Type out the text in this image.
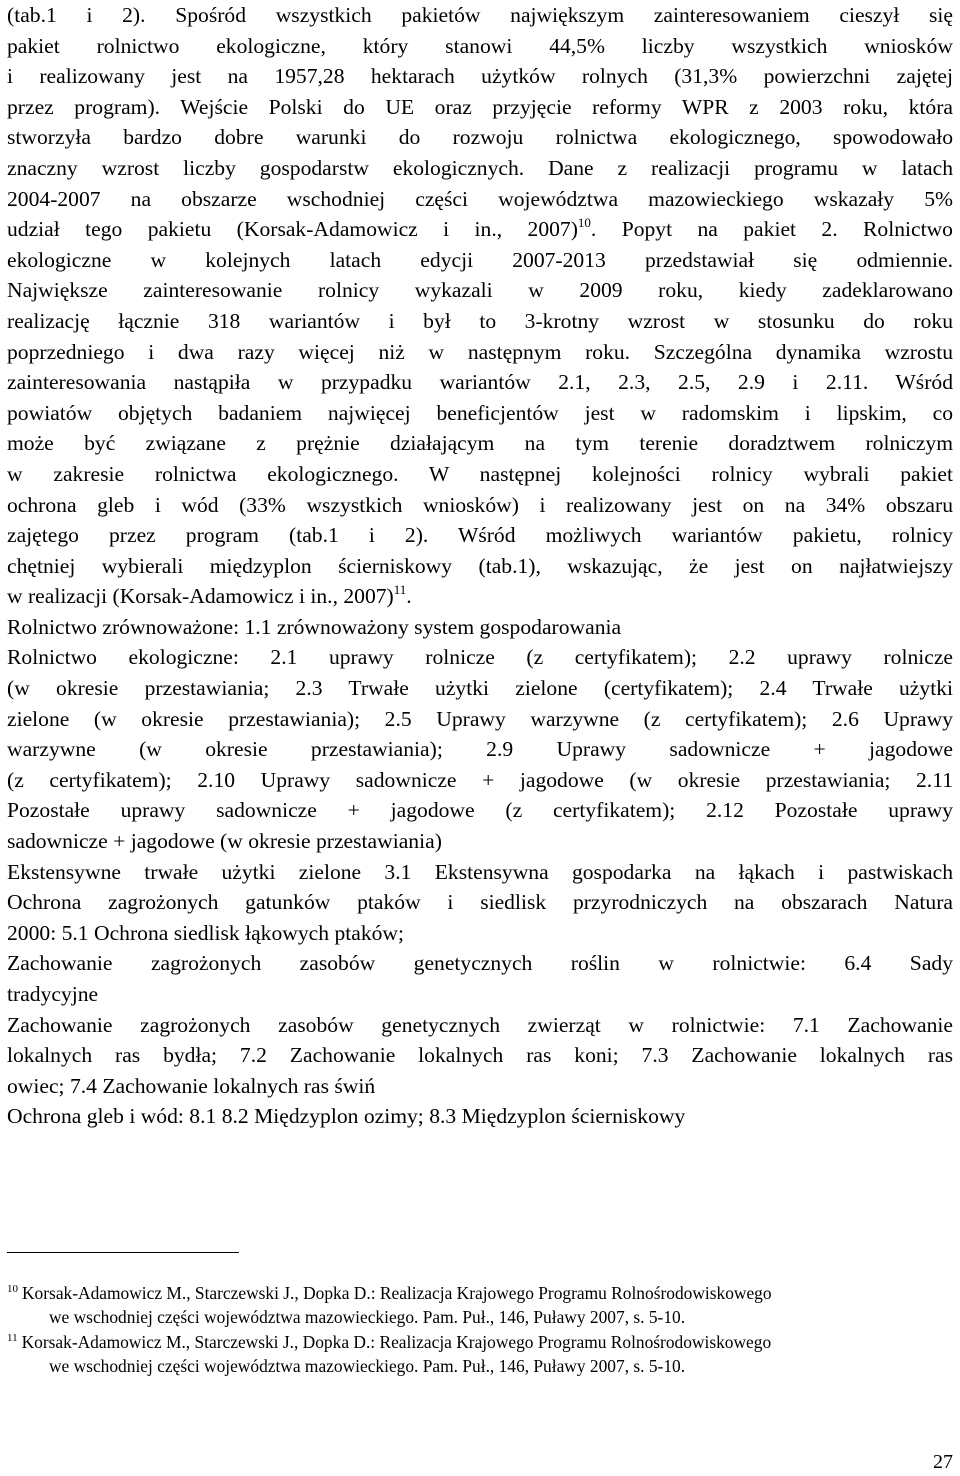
(tab.1 i 2). Spośród wszystkich pakietów największym zainteresowaniem cieszył się
pakiet rolnictwo ekologiczne, który stanowi 44,5% liczby wszystkich wniosków
i realizowany jest na 1957,28 hektarach użytków rolnych (31,3% powierzchni zajętej
przez program). Wejście Polski do UE oraz przyjęcie reformy WPR z 2003 roku, która
stworzyła bardzo dobre warunki do rozwoju rolnictwa ekologicznego, spowodowało
znaczny wzrost liczby gospodarstw ekologicznych. Dane z realizacji programu w latach
2004-2007 na obszarze wschodniej części województwa mazowieckiego wskazały 5%
udział tego pakietu (Korsak-Adamowicz i in., 2007)$^{10}$. Popyt na pakiet 2. Rolnictwo
ekologiczne w kolejnych latach edycji 2007-2013 przedstawiał się odmiennie.
Największe zainteresowanie rolnicy wykazali w 2009 roku, kiedy zadeklarowano
realizację łącznie 318 wariantów i był to 3-krotny wzrost w stosunku do roku
poprzedniego i dwa razy więcej niż w następnym roku. Szczególna dynamika wzrostu
zainteresowania nastąpiła w przypadku wariantów 2.1, 2.3, 2.5, 2.9 i 2.11. Wśród
powiatów objętych badaniem najwięcej beneficjentów jest w radomskim i lipskim, co
może być związane z prężnie działającym na tym terenie doradztwem rolniczym
w zakresie rolnictwa ekologicznego. W następnej kolejności rolnicy wybrali pakiet
ochrona gleb i wód (33% wszystkich wniosków) i realizowany jest on na 34% obszaru
zajętego przez program (tab.1 i 2). Wśród możliwych wariantów pakietu, rolnicy
chętniej wybierali międzyplon ścierniskowy (tab.1), wskazując, że jest on najłatwiejszy
w realizacji (Korsak-Adamowicz i in., 2007)$^{11}$.
Rolnictwo zrównoważone: 1.1 zrównoważony system gospodarowania
Rolnictwo ekologiczne: 2.1 uprawy rolnicze (z certyfikatem); 2.2 uprawy rolnicze
(w okresie przestawiania; 2.3 Trwałe użytki zielone (certyfikatem); 2.4 Trwałe użytki
zielone (w okresie przestawiania); 2.5 Uprawy warzywne (z certyfikatem); 2.6 Uprawy
warzywne (w okresie przestawiania); 2.9 Uprawy sadownicze + jagodowe
(z certyfikatem); 2.10 Uprawy sadownicze + jagodowe (w okresie przestawiania; 2.11
Pozostałe uprawy sadownicze + jagodowe (z certyfikatem); 2.12 Pozostałe uprawy
sadownicze + jagodowe (w okresie przestawiania)
Ekstensywne trwałe użytki zielone 3.1 Ekstensywna gospodarka na łąkach i pastwiskach
Ochrona zagrożonych gatunków ptaków i siedlisk przyrodniczych na obszarach Natura
2000: 5.1 Ochrona siedlisk łąkowych ptaków;
Zachowanie zagrożonych zasobów genetycznych roślin w rolnictwie: 6.4 Sady
tradycyjne
Zachowanie zagrożonych zasobów genetycznych zwierząt w rolnictwie: 7.1 Zachowanie
lokalnych ras bydła; 7.2 Zachowanie lokalnych ras koni; 7.3 Zachowanie lokalnych ras
owiec; 7.4 Zachowanie lokalnych ras świń
Ochrona gleb i wód: 8.1 8.2 Międzyplon ozimy; 8.3 Międzyplon ścierniskowy
$^{10}$ Korsak-Adamowicz M., Starczewski J., Dopka D.: Realizacja Krajowego Programu Rolnośrodowiskowego
we wschodniej części województwa mazowieckiego. Pam. Puł., 146, Puławy 2007, s. 5-10.
$^{11}$ Korsak-Adamowicz M., Starczewski J., Dopka D.: Realizacja Krajowego Programu Rolnośrodowiskowego
we wschodniej części województwa mazowieckiego. Pam. Puł., 146, Puławy 2007, s. 5-10.
27
